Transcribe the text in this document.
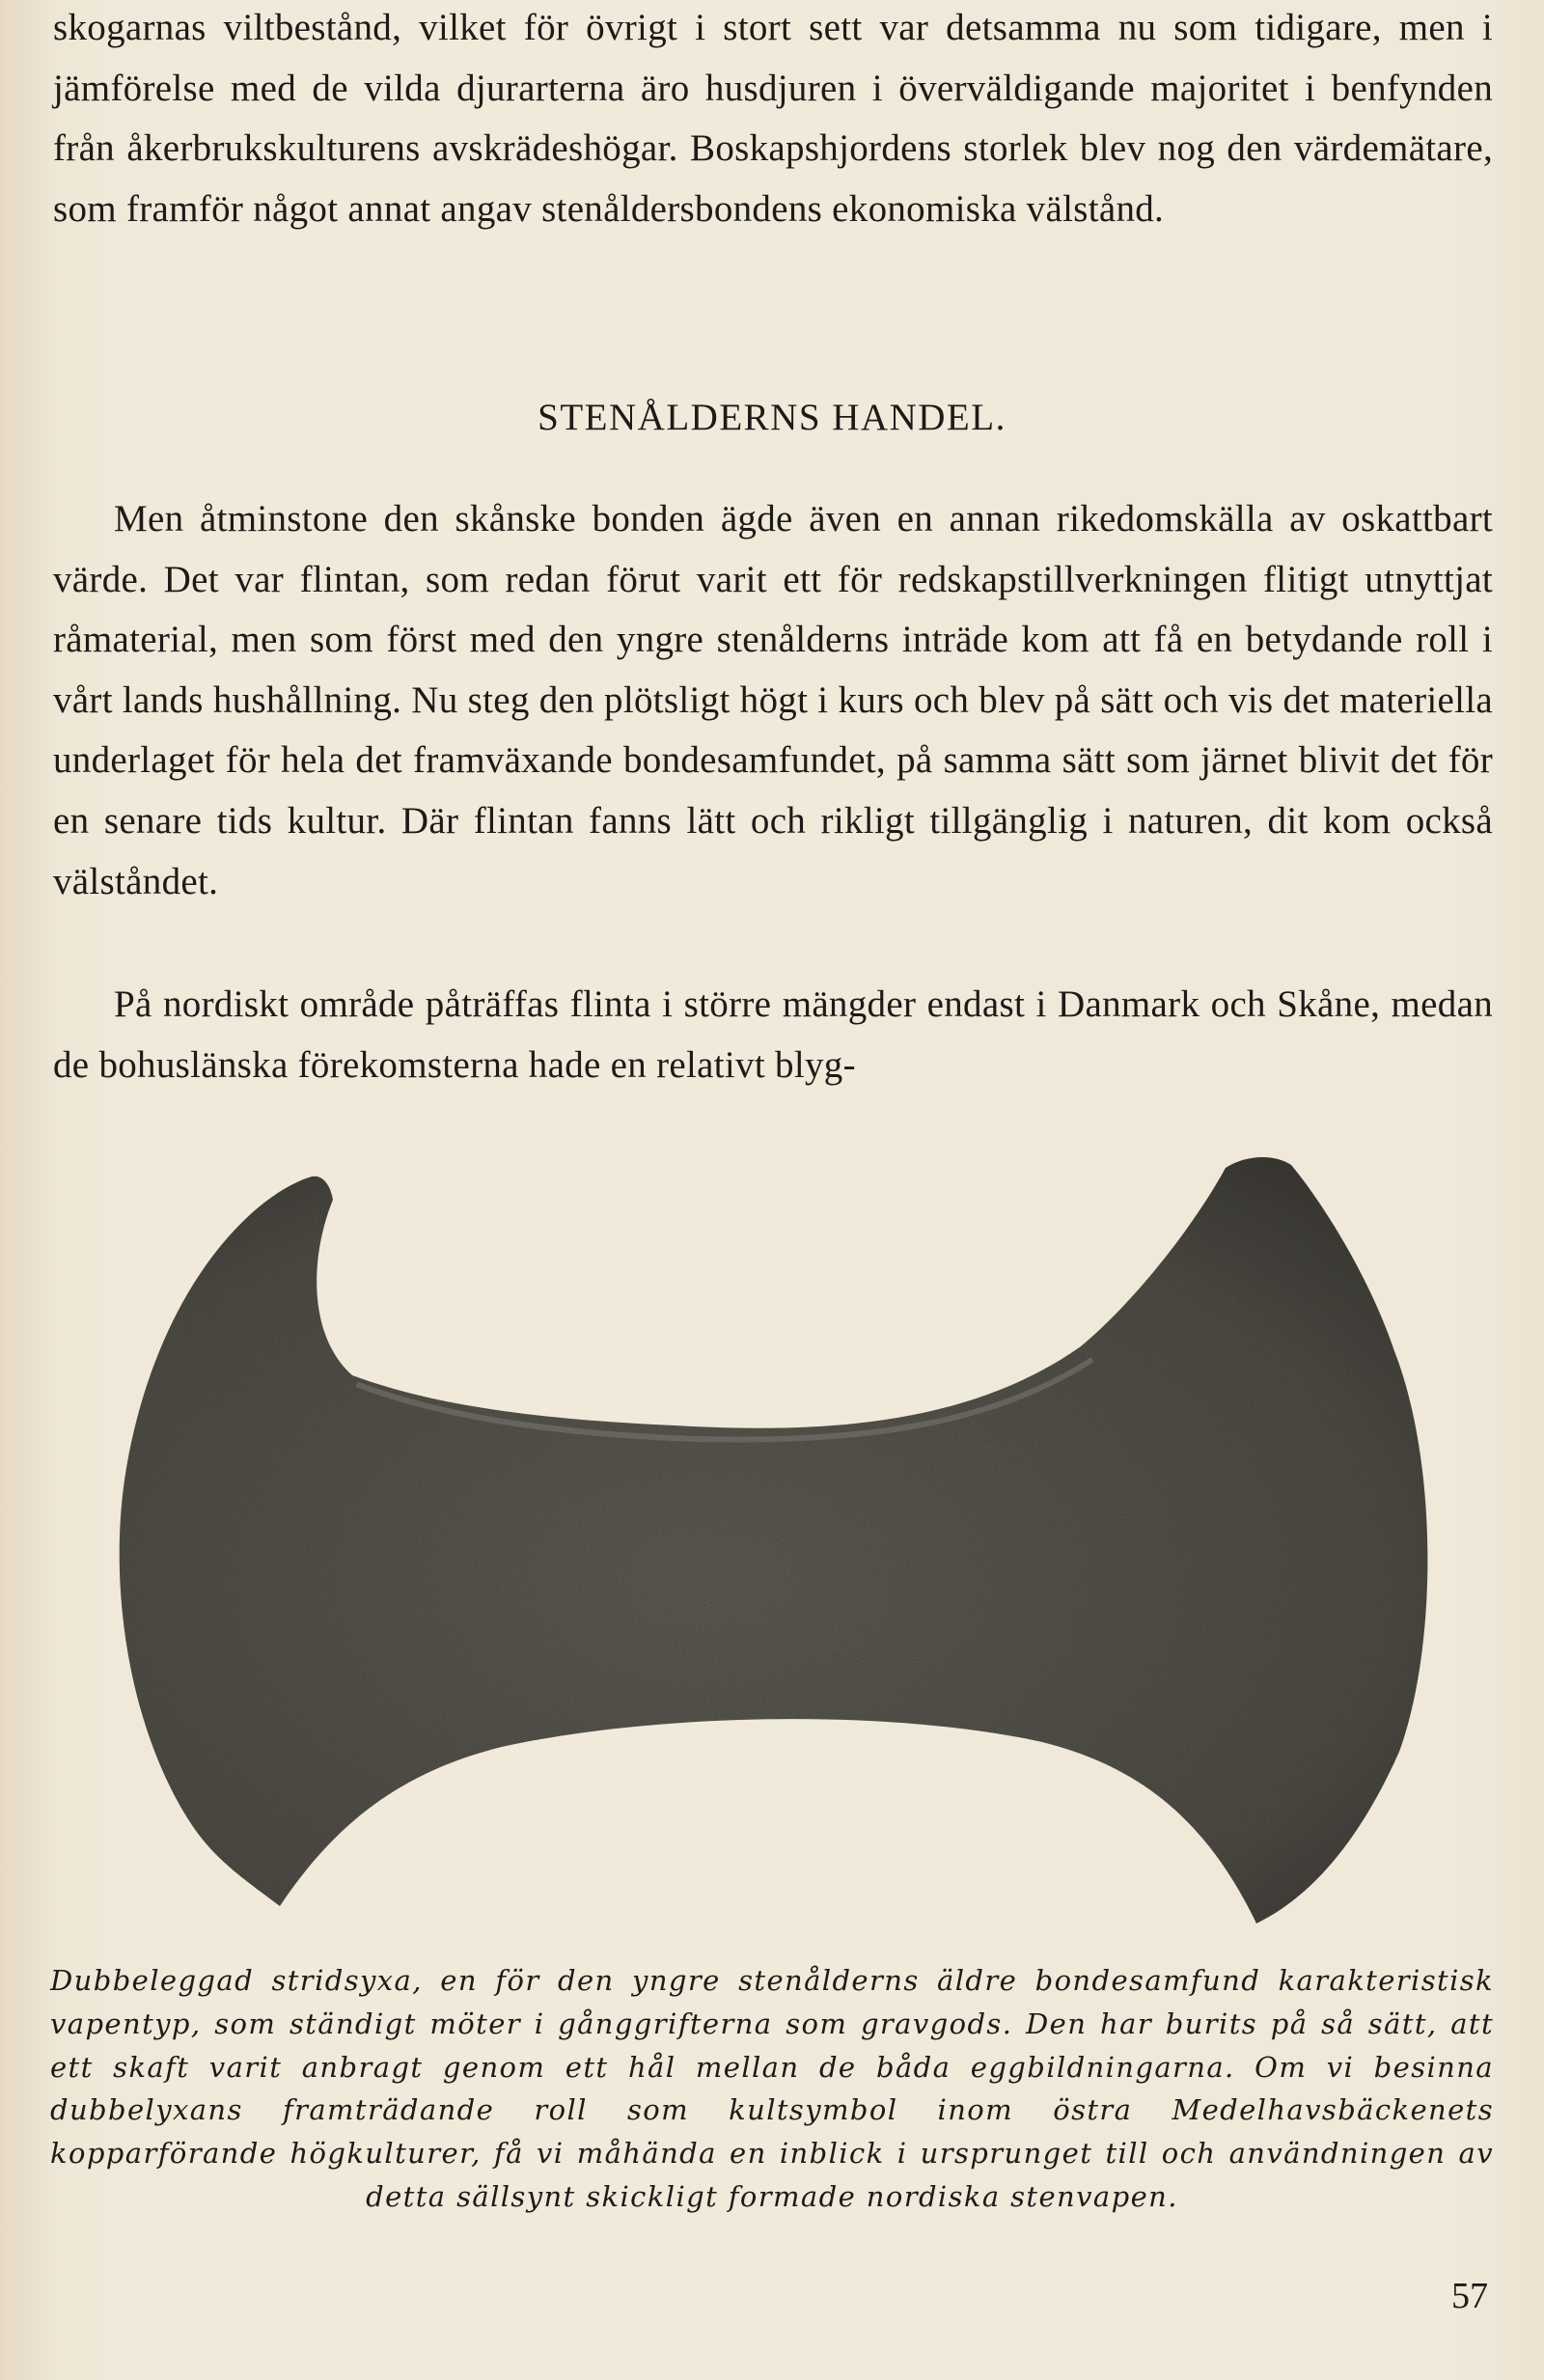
skogarnas viltbestånd, vilket för övrigt i stort sett var detsamma nu som tidigare, men i jämförelse med de vilda djurarterna äro husdjuren i överväldigande majoritet i benfynden från åkerbrukskulturens avskrädeshögar. Boskapshjordens storlek blev nog den värdemätare, som framför något annat angav stenåldersbondens ekonomiska välstånd.

STENÅLDERNS HANDEL.

Men åtminstone den skånske bonden ägde även en annan rikedomskälla av oskattbart värde. Det var flintan, som redan förut varit ett för redskapstillverkningen flitigt utnyttjat råmaterial, men som först med den yngre stenålderns inträde kom att få en betydande roll i vårt lands hushållning. Nu steg den plötsligt högt i kurs och blev på sätt och vis det materiella underlaget för hela det framväxande bondesamfundet, på samma sätt som järnet blivit det för en senare tids kultur. Där flintan fanns lätt och rikligt tillgänglig i naturen, dit kom också välståndet.

På nordiskt område påträffas flinta i större mängder endast i Danmark och Skåne, medan de bohuslänska förekomsterna hade en relativt blyg-

Dubbeleggad stridsyxa, en för den yngre stenålderns äldre bondesamfund karakteristisk vapentyp, som ständigt möter i gånggrifterna som gravgods. Den har burits på så sätt, att ett skaft varit anbragt genom ett hål mellan de båda eggbildningarna. Om vi besinna dubbelyxans framträdande roll som kultsymbol inom östra Medelhavsbäckenets kopparförande högkulturer, få vi måhända en inblick i ursprunget till och användningen av detta sällsynt skickligt formade nordiska stenvapen.

57
